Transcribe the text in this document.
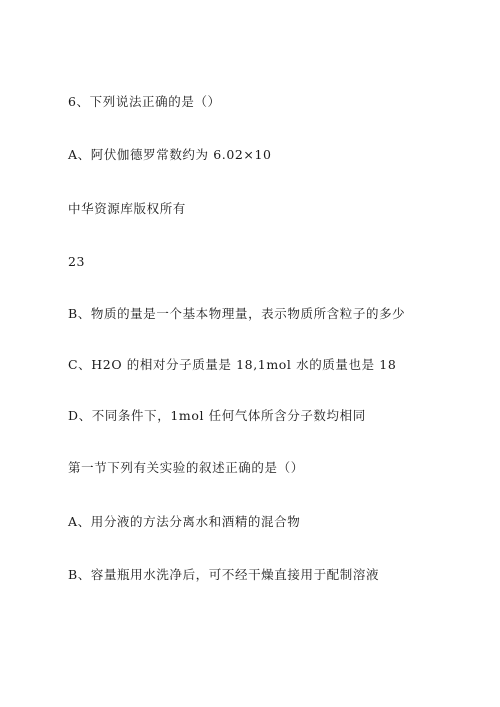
6、下列说法正确的是（）
A、阿伏伽德罗常数约为 6.02×10
中华资源库版权所有
23
B、物质的量是一个基本物理量，表示物质所含粒子的多少
C、H2O 的相对分子质量是 18,1mol 水的质量也是 18
D、不同条件下，1mol 任何气体所含分子数均相同
第一节下列有关实验的叙述正确的是（）
A、用分液的方法分离水和酒精的混合物
B、容量瓶用水洗净后，可不经干燥直接用于配制溶液
